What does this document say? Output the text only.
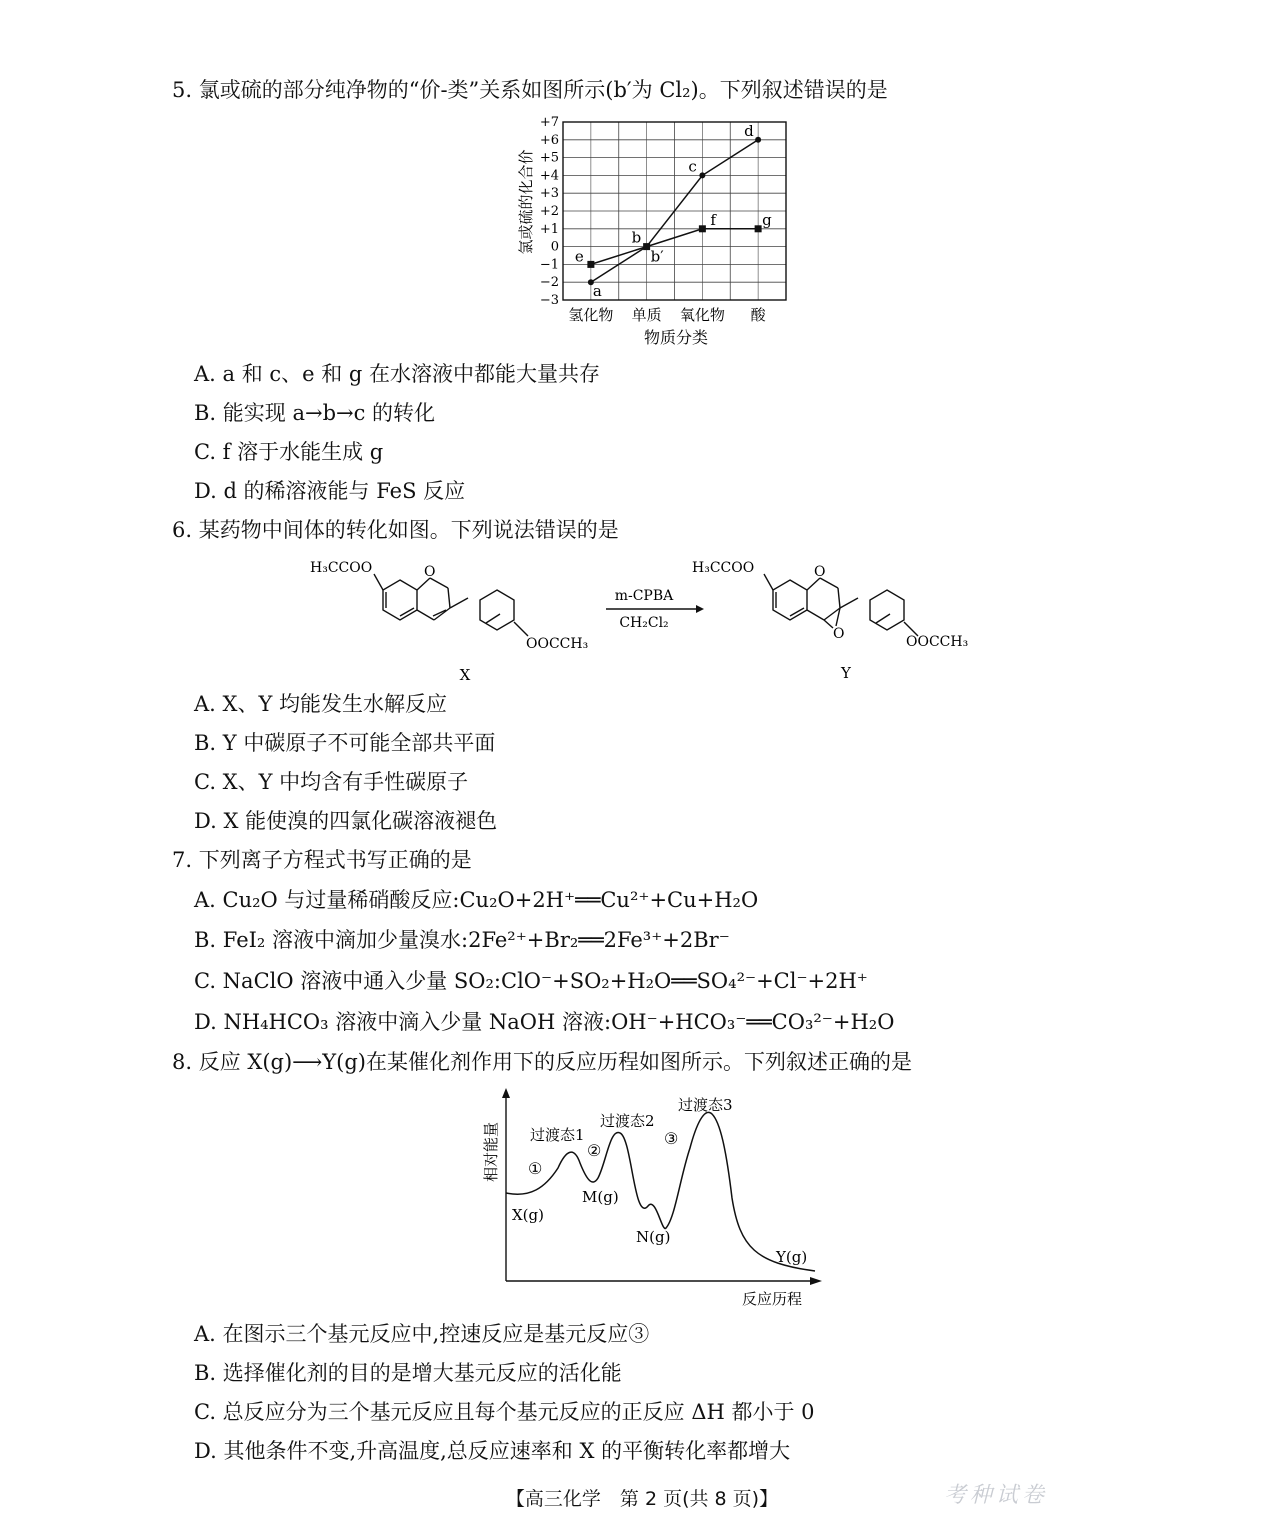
5. 氯或硫的部分纯净物的“价-类”关系如图所示(b′为 Cl₂)。下列叙述错误的是
+7
+6
+5
+4
+3
+2
+1
0
−1
−2
−3
氢化物 单质 氧化物 酸
a
b
c
d
e	b′
f	g
氯或硫的化合价
物质分类
A. a 和 c、e 和 g 在水溶液中都能大量共存
B. 能实现 a→b→c 的转化
C. f 溶于水能生成 g
D. d 的稀溶液能与 FeS 反应
6. 某药物中间体的转化如图。下列说法错误的是
H₃CCOO	O
OOCCH₃
X
m-CPBA
CH₂Cl₂
H₃CCOO	O
O	OOCCH₃
Y
A. X、Y 均能发生水解反应
B. Y 中碳原子不可能全部共平面
C. X、Y 中均含有手性碳原子
D. X 能使溴的四氯化碳溶液褪色
7. 下列离子方程式书写正确的是
A. Cu₂O 与过量稀硝酸反应:Cu₂O+2H⁺══Cu²⁺+Cu+H₂O
B. FeI₂ 溶液中滴加少量溴水:2Fe²⁺+Br₂══2Fe³⁺+2Br⁻
C. NaClO 溶液中通入少量 SO₂:ClO⁻+SO₂+H₂O══SO₄²⁻+Cl⁻+2H⁺
D. NH₄HCO₃ 溶液中滴入少量 NaOH 溶液:OH⁻+HCO₃⁻══CO₃²⁻+H₂O
8. 反应 X(g)⟶Y(g)在某催化剂作用下的反应历程如图所示。下列叙述正确的是
相对能量
反应历程
过渡态1
过渡态2
过渡态3
①
②
③
X(g)
M(g)
N(g)
Y(g)
A. 在图示三个基元反应中,控速反应是基元反应③
B. 选择催化剂的目的是增大基元反应的活化能
C. 总反应分为三个基元反应且每个基元反应的正反应 ΔH 都小于 0
D. 其他条件不变,升高温度,总反应速率和 X 的平衡转化率都增大
【高三化学　第 2 页(共 8 页)】	考种试卷
